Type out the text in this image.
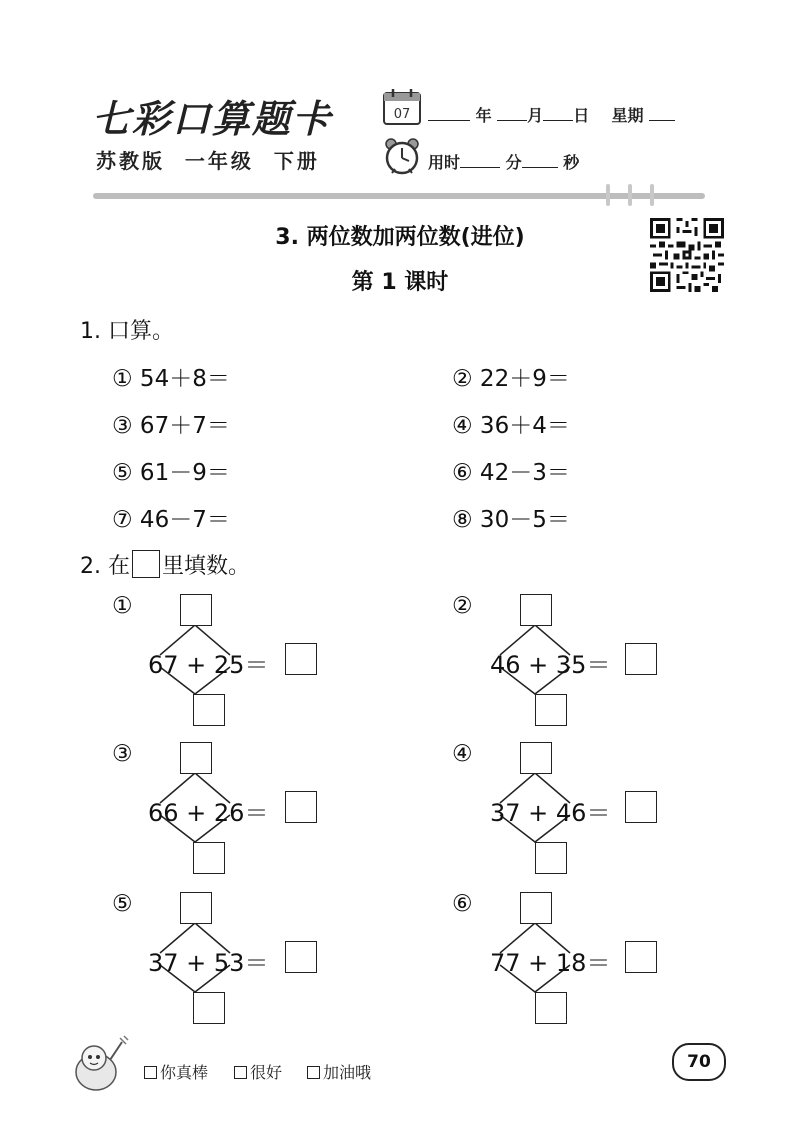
七彩口算题卡
苏教版  一年级  下册
07	年 月 日 星期
用时	分	秒
3. 两位数加两位数(进位)
第 1 课时
1. 口算。
① 54＋8＝	② 22＋9＝
③ 67＋7＝	④ 36＋4＝
⑤ 61－9＝	⑥ 42－3＝
⑦ 46－7＝	⑧ 30－5＝
2. 在 里填数。
①
67 + 25＝
②
46 + 35＝
③
66 + 26＝
④
37 + 46＝
⑤
37 + 53＝
⑥
77 + 18＝
你真棒	很好	加油哦
70
